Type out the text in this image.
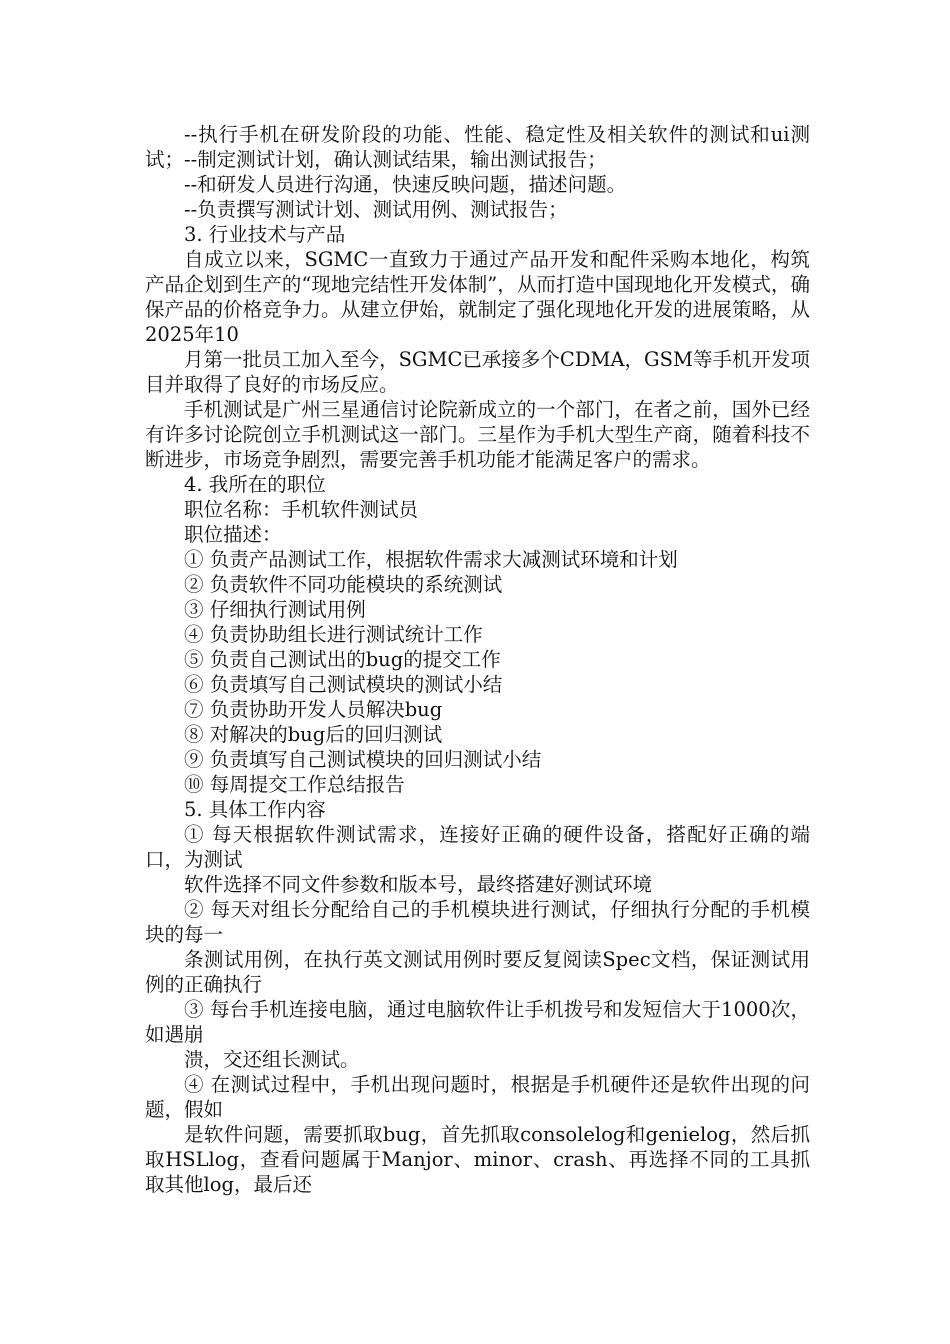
--执行手机在研发阶段的功能、性能、稳定性及相关软件的测试和ui测试；--制定测试计划，确认测试结果，输出测试报告；

--和研发人员进行沟通，快速反映问题，描述问题。

--负责撰写测试计划、测试用例、测试报告；

3. 行业技术与产品

自成立以来，SGMC一直致力于通过产品开发和配件采购本地化，构筑产品企划到生产的“现地完结性开发体制”，从而打造中国现地化开发模式，确保产品的价格竞争力。从建立伊始，就制定了强化现地化开发的进展策略，从2025年10

月第一批员工加入至今，SGMC已承接多个CDMA，GSM等手机开发项目并取得了良好的市场反应。

手机测试是广州三星通信讨论院新成立的一个部门，在者之前，国外已经有许多讨论院创立手机测试这一部门。三星作为手机大型生产商，随着科技不断进步，市场竞争剧烈，需要完善手机功能才能满足客户的需求。

4. 我所在的职位

职位名称：手机软件测试员

职位描述：

① 负责产品测试工作，根据软件需求大减测试环境和计划

② 负责软件不同功能模块的系统测试

③ 仔细执行测试用例

④ 负责协助组长进行测试统计工作

⑤ 负责自己测试出的bug的提交工作

⑥ 负责填写自己测试模块的测试小结

⑦ 负责协助开发人员解决bug

⑧ 对解决的bug后的回归测试

⑨ 负责填写自己测试模块的回归测试小结

⑩ 每周提交工作总结报告

5. 具体工作内容

① 每天根据软件测试需求，连接好正确的硬件设备，搭配好正确的端口，为测试

软件选择不同文件参数和版本号，最终搭建好测试环境

② 每天对组长分配给自己的手机模块进行测试，仔细执行分配的手机模块的每一

条测试用例，在执行英文测试用例时要反复阅读Spec文档，保证测试用例的正确执行

③ 每台手机连接电脑，通过电脑软件让手机拨号和发短信大于1000次，如遇崩

溃，交还组长测试。

④ 在测试过程中，手机出现问题时，根据是手机硬件还是软件出现的问题，假如

是软件问题，需要抓取bug，首先抓取consolelog和genielog，然后抓取HSLlog，查看问题属于Manjor、minor、crash、再选择不同的工具抓取其他log，最后还
